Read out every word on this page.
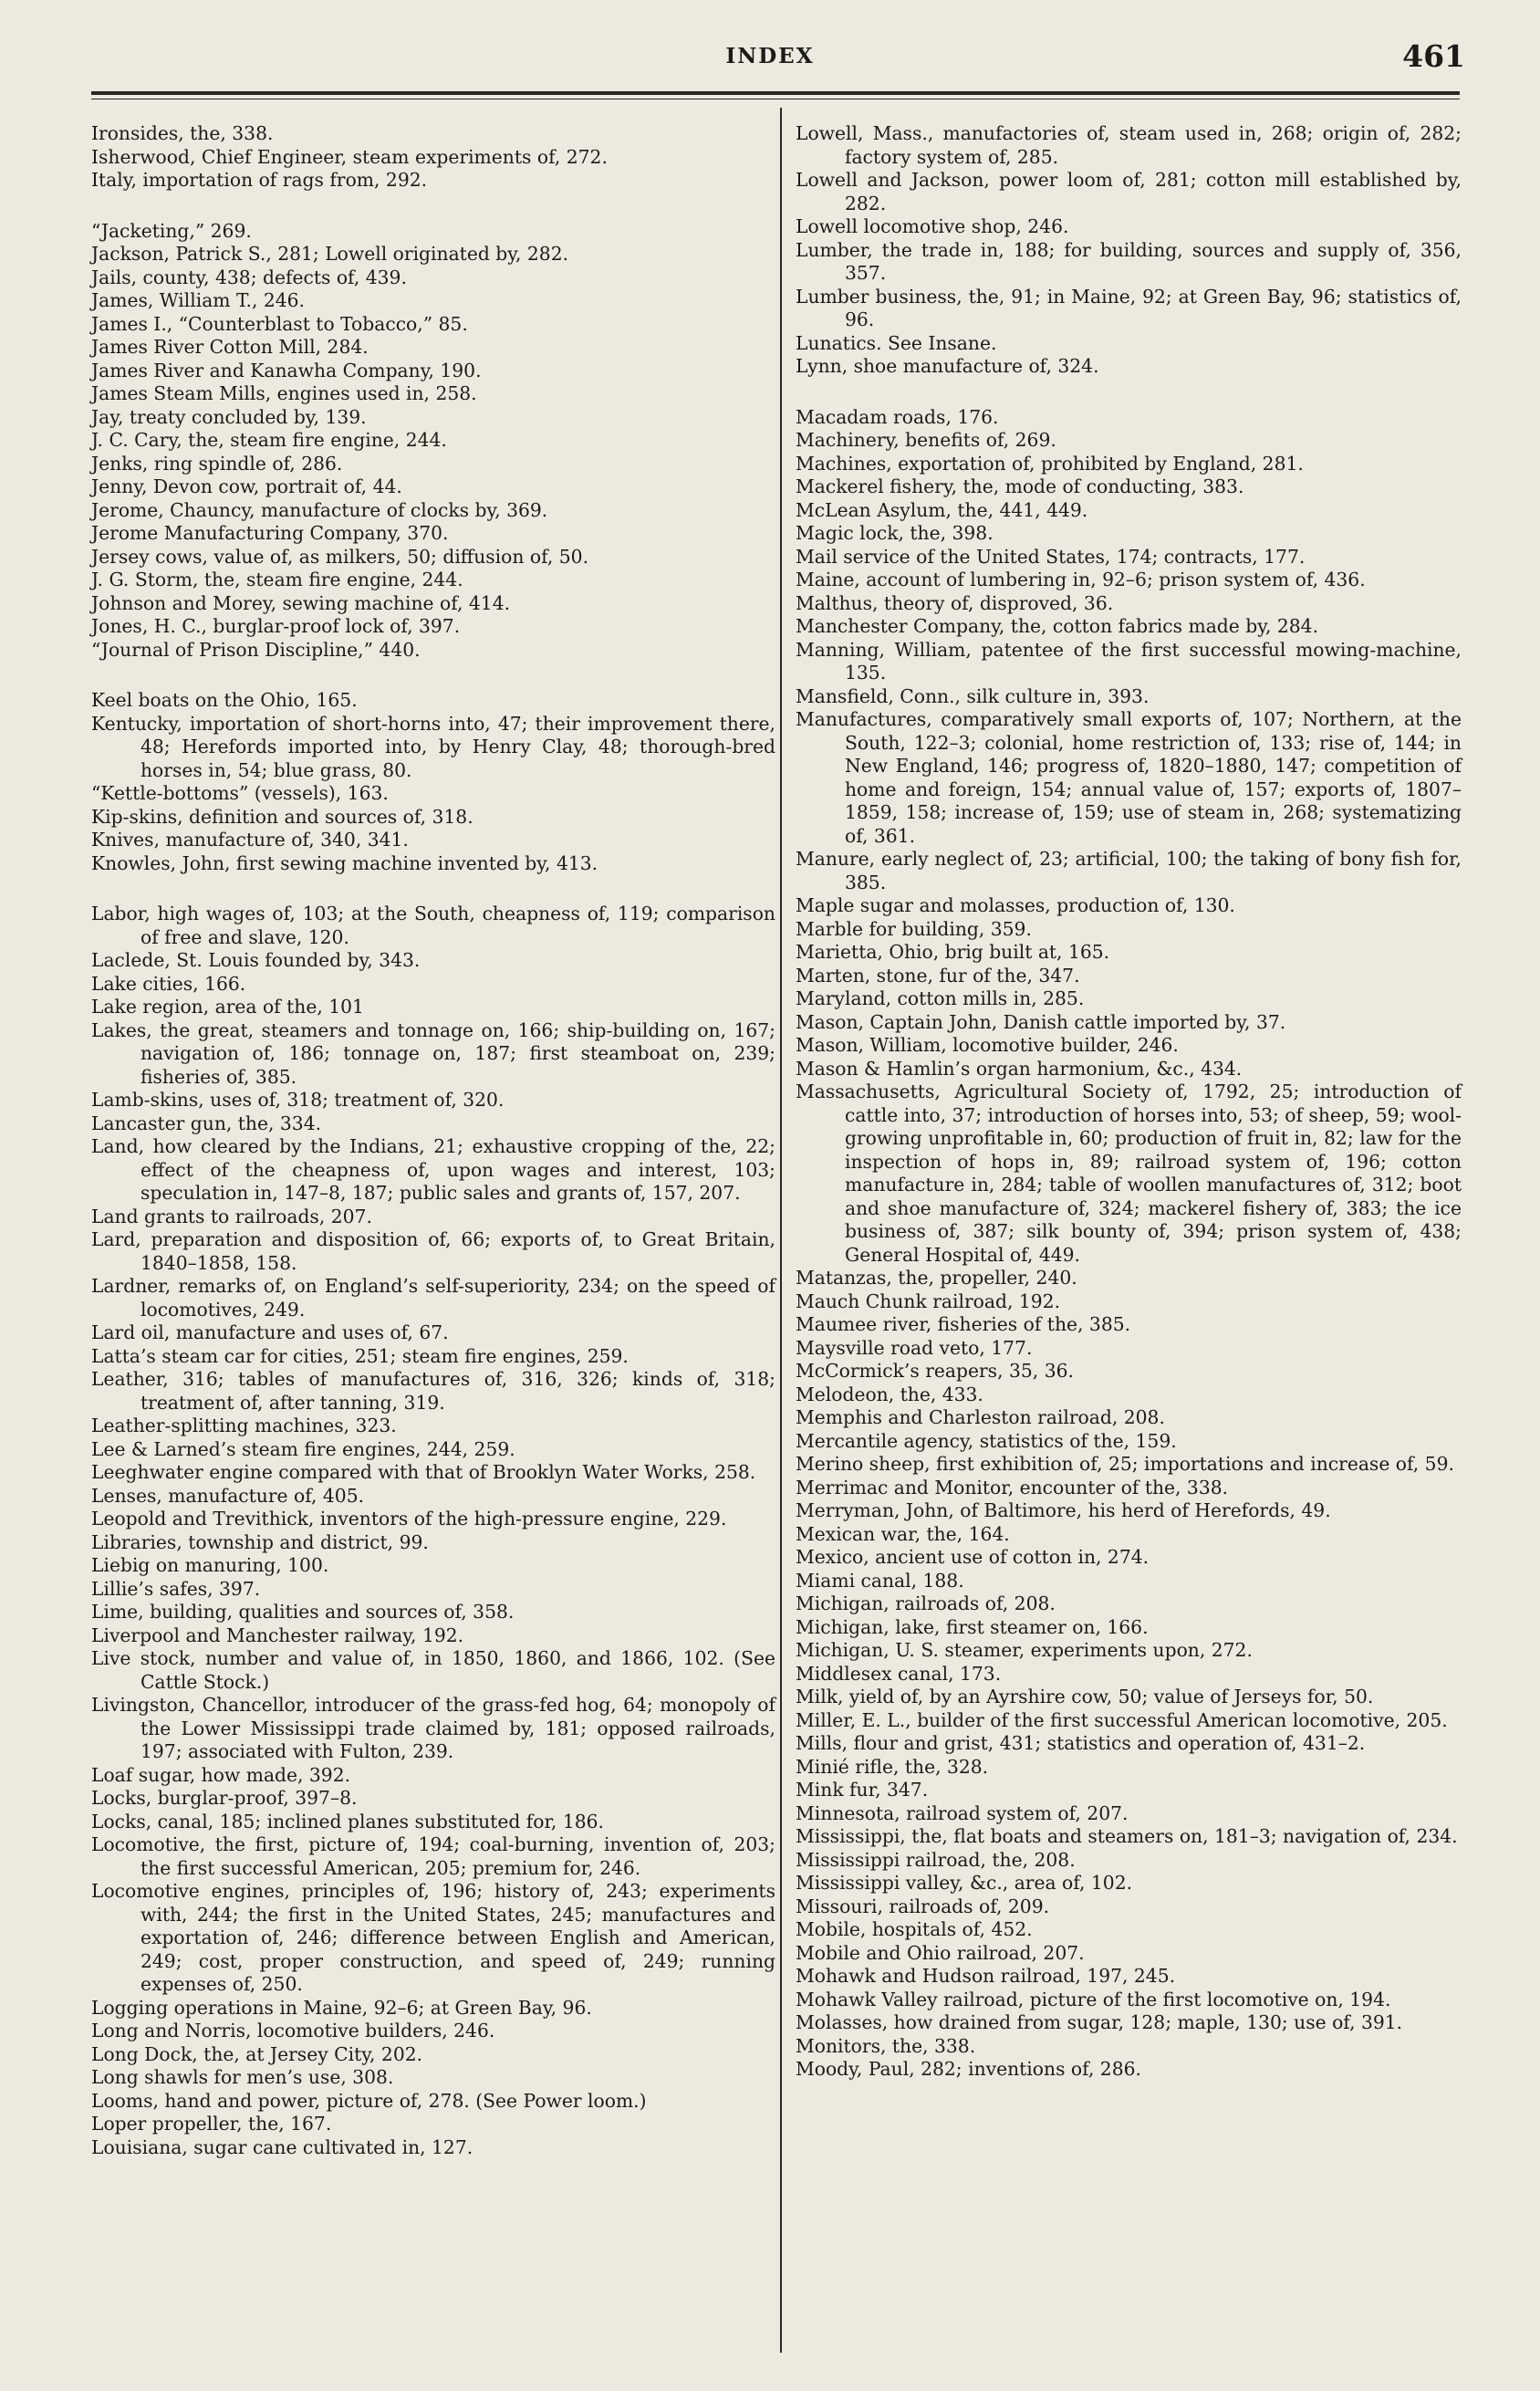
INDEX	461

Ironsides, the, 338.

Isherwood, Chief Engineer, steam experiments of, 272.

Italy, importation of rags from, 292.

“Jacketing,” 269.

Jackson, Patrick S., 281; Lowell originated by, 282.

Jails, county, 438; defects of, 439.

James, William T., 246.

James I., “Counterblast to Tobacco,” 85.

James River Cotton Mill, 284.

James River and Kanawha Company, 190.

James Steam Mills, engines used in, 258.

Jay, treaty concluded by, 139.

J. C. Cary, the, steam fire engine, 244.

Jenks, ring spindle of, 286.

Jenny, Devon cow, portrait of, 44.

Jerome, Chauncy, manufacture of clocks by, 369.

Jerome Manufacturing Company, 370.

Jersey cows, value of, as milkers, 50; diffusion of, 50.

J. G. Storm, the, steam fire engine, 244.

Johnson and Morey, sewing machine of, 414.

Jones, H. C., burglar-proof lock of, 397.

“Journal of Prison Discipline,” 440.

Keel boats on the Ohio, 165.

Kentucky, importation of short-horns into, 47; their improvement there, 48; Herefords imported into, by Henry Clay, 48; thorough-bred horses in, 54; blue grass, 80.

“Kettle-bottoms” (vessels), 163.

Kip-skins, definition and sources of, 318.

Knives, manufacture of, 340, 341.

Knowles, John, first sewing machine invented by, 413.

Labor, high wages of, 103; at the South, cheapness of, 119; comparison of free and slave, 120.

Laclede, St. Louis founded by, 343.

Lake cities, 166.

Lake region, area of the, 101

Lakes, the great, steamers and tonnage on, 166; ship-building on, 167; navigation of, 186; tonnage on, 187; first steamboat on, 239; fisheries of, 385.

Lamb-skins, uses of, 318; treatment of, 320.

Lancaster gun, the, 334.

Land, how cleared by the Indians, 21; exhaustive cropping of the, 22; effect of the cheapness of, upon wages and interest, 103; speculation in, 147–8, 187; public sales and grants of, 157, 207.

Land grants to railroads, 207.

Lard, preparation and disposition of, 66; exports of, to Great Britain, 1840–1858, 158.

Lardner, remarks of, on England’s self-superiority, 234; on the speed of locomotives, 249.

Lard oil, manufacture and uses of, 67.

Latta’s steam car for cities, 251; steam fire engines, 259.

Leather, 316; tables of manufactures of, 316, 326; kinds of, 318; treatment of, after tanning, 319.

Leather-splitting machines, 323.

Lee & Larned’s steam fire engines, 244, 259.

Leeghwater engine compared with that of Brooklyn Water Works, 258.

Lenses, manufacture of, 405.

Leopold and Trevithick, inventors of the high-pressure engine, 229.

Libraries, township and district, 99.

Liebig on manuring, 100.

Lillie’s safes, 397.

Lime, building, qualities and sources of, 358.

Liverpool and Manchester railway, 192.

Live stock, number and value of, in 1850, 1860, and 1866, 102. (See Cattle Stock.)

Livingston, Chancellor, introducer of the grass-fed hog, 64; monopoly of the Lower Mississippi trade claimed by, 181; opposed railroads, 197; associated with Fulton, 239.

Loaf sugar, how made, 392.

Locks, burglar-proof, 397–8.

Locks, canal, 185; inclined planes substituted for, 186.

Locomotive, the first, picture of, 194; coal-burning, invention of, 203; the first successful American, 205; premium for, 246.

Locomotive engines, principles of, 196; history of, 243; experiments with, 244; the first in the United States, 245; manufactures and exportation of, 246; difference between English and American, 249; cost, proper construction, and speed of, 249; running expenses of, 250.

Logging operations in Maine, 92–6; at Green Bay, 96.

Long and Norris, locomotive builders, 246.

Long Dock, the, at Jersey City, 202.

Long shawls for men’s use, 308.

Looms, hand and power, picture of, 278. (See Power loom.)

Loper propeller, the, 167.

Louisiana, sugar cane cultivated in, 127.

Lowell, Mass., manufactories of, steam used in, 268; origin of, 282; factory system of, 285.

Lowell and Jackson, power loom of, 281; cotton mill established by, 282.

Lowell locomotive shop, 246.

Lumber, the trade in, 188; for building, sources and supply of, 356, 357.

Lumber business, the, 91; in Maine, 92; at Green Bay, 96; statistics of, 96.

Lunatics. See Insane.

Lynn, shoe manufacture of, 324.

Macadam roads, 176.

Machinery, benefits of, 269.

Machines, exportation of, prohibited by England, 281.

Mackerel fishery, the, mode of conducting, 383.

McLean Asylum, the, 441, 449.

Magic lock, the, 398.

Mail service of the United States, 174; contracts, 177.

Maine, account of lumbering in, 92–6; prison system of, 436.

Malthus, theory of, disproved, 36.

Manchester Company, the, cotton fabrics made by, 284.

Manning, William, patentee of the first successful mowing-machine, 135.

Mansfield, Conn., silk culture in, 393.

Manufactures, comparatively small exports of, 107; Northern, at the South, 122–3; colonial, home restriction of, 133; rise of, 144; in New England, 146; progress of, 1820–1880, 147; competition of home and foreign, 154; annual value of, 157; exports of, 1807–1859, 158; increase of, 159; use of steam in, 268; systematizing of, 361.

Manure, early neglect of, 23; artificial, 100; the taking of bony fish for, 385.

Maple sugar and molasses, production of, 130.

Marble for building, 359.

Marietta, Ohio, brig built at, 165.

Marten, stone, fur of the, 347.

Maryland, cotton mills in, 285.

Mason, Captain John, Danish cattle imported by, 37.

Mason, William, locomotive builder, 246.

Mason & Hamlin’s organ harmonium, &c., 434.

Massachusetts, Agricultural Society of, 1792, 25; introduction of cattle into, 37; introduction of horses into, 53; of sheep, 59; wool-growing unprofitable in, 60; production of fruit in, 82; law for the inspection of hops in, 89; railroad system of, 196; cotton manufacture in, 284; table of woollen manufactures of, 312; boot and shoe manufacture of, 324; mackerel fishery of, 383; the ice business of, 387; silk bounty of, 394; prison system of, 438; General Hospital of, 449.

Matanzas, the, propeller, 240.

Mauch Chunk railroad, 192.

Maumee river, fisheries of the, 385.

Maysville road veto, 177.

McCormick’s reapers, 35, 36.

Melodeon, the, 433.

Memphis and Charleston railroad, 208.

Mercantile agency, statistics of the, 159.

Merino sheep, first exhibition of, 25; importations and increase of, 59.

Merrimac and Monitor, encounter of the, 338.

Merryman, John, of Baltimore, his herd of Herefords, 49.

Mexican war, the, 164.

Mexico, ancient use of cotton in, 274.

Miami canal, 188.

Michigan, railroads of, 208.

Michigan, lake, first steamer on, 166.

Michigan, U. S. steamer, experiments upon, 272.

Middlesex canal, 173.

Milk, yield of, by an Ayrshire cow, 50; value of Jerseys for, 50.

Miller, E. L., builder of the first successful American locomotive, 205.

Mills, flour and grist, 431; statistics and operation of, 431–2.

Minié rifle, the, 328.

Mink fur, 347.

Minnesota, railroad system of, 207.

Mississippi, the, flat boats and steamers on, 181–3; navigation of, 234.

Mississippi railroad, the, 208.

Mississippi valley, &c., area of, 102.

Missouri, railroads of, 209.

Mobile, hospitals of, 452.

Mobile and Ohio railroad, 207.

Mohawk and Hudson railroad, 197, 245.

Mohawk Valley railroad, picture of the first locomotive on, 194.

Molasses, how drained from sugar, 128; maple, 130; use of, 391.

Monitors, the, 338.

Moody, Paul, 282; inventions of, 286.
